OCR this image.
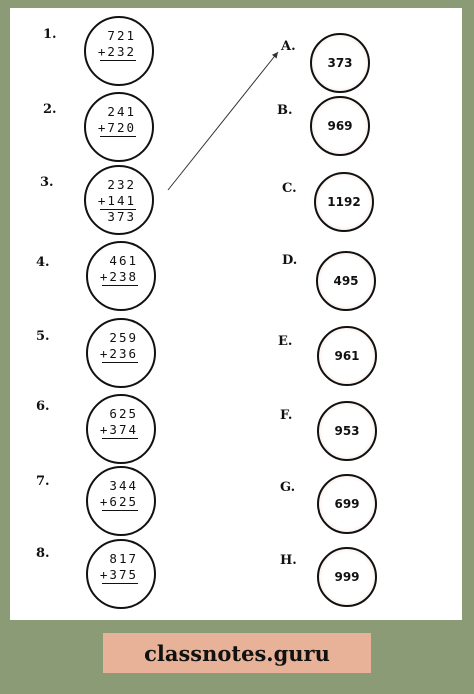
1.	721
+232
2.	241
+720
3.	232
+141
373
4.	461
+238
5.	259
+236
6.	625
+374
7.	344
+625
8.	817
+375
A.
373
B.
969
C.
1192
D.
495
E.
961
F.
953
G.
699
H.
999
classnotes.guru
